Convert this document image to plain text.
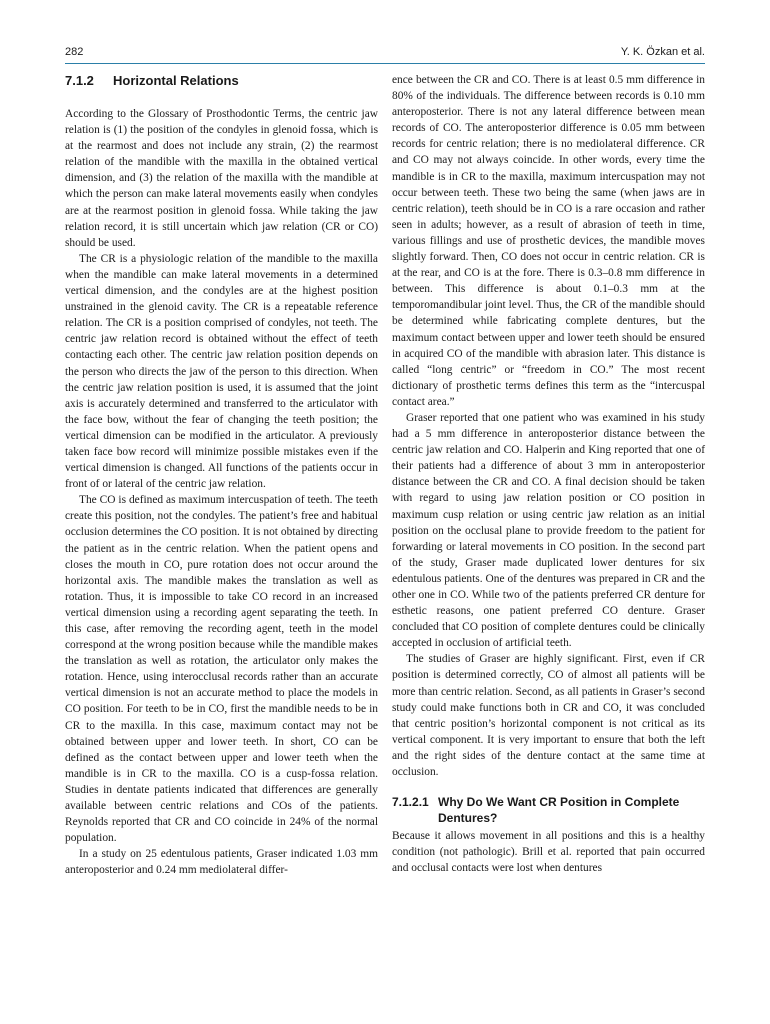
282	Y. K. Özkan et al.
7.1.2 Horizontal Relations

According to the Glossary of Prosthodontic Terms, the centric jaw relation is (1) the position of the condyles in glenoid fossa, which is at the rearmost and does not include any strain, (2) the rearmost relation of the mandible with the maxilla in the obtained vertical dimension, and (3) the relation of the maxilla with the mandible at which the person can make lateral movements easily when condyles are at the rearmost position in glenoid fossa. While taking the jaw relation record, it is still uncertain which jaw relation (CR or CO) should be used.

The CR is a physiologic relation of the mandible to the maxilla when the mandible can make lateral movements in a determined vertical dimension, and the condyles are at the highest position unstrained in the glenoid cavity. The CR is a repeatable reference relation. The CR is a position comprised of condyles, not teeth. The centric jaw relation record is obtained without the effect of teeth contacting each other. The centric jaw relation position depends on the person who directs the jaw of the person to this direction. When the centric jaw relation position is used, it is assumed that the joint axis is accurately determined and transferred to the articulator with the face bow, without the fear of changing the teeth position; the vertical dimension can be modified in the articulator. A previously taken face bow record will minimize possible mistakes even if the vertical dimension is changed. All functions of the patients occur in front of or lateral of the centric jaw relation.

The CO is defined as maximum intercuspation of teeth. The teeth create this position, not the condyles. The patient’s free and habitual occlusion determines the CO position. It is not obtained by directing the patient as in the centric relation. When the patient opens and closes the mouth in CO, pure rotation does not occur around the horizontal axis. The mandible makes the translation as well as rotation. Thus, it is impossible to take CO record in an increased vertical dimension using a recording agent separating the teeth. In this case, after removing the recording agent, teeth in the model correspond at the wrong position because while the mandible makes the translation as well as rotation, the articulator only makes the rotation. Hence, using interocclusal records rather than an accurate vertical dimension is not an accurate method to place the models in CO position. For teeth to be in CO, first the mandible needs to be in CR to the maxilla. In this case, maximum contact may not be obtained between upper and lower teeth. In short, CO can be defined as the contact between upper and lower teeth when the mandible is in CR to the maxilla. CO is a cusp-fossa relation. Studies in dentate patients indicated that differences are generally available between centric relations and COs of the patients. Reynolds reported that CR and CO coincide in 24% of the normal population.

In a study on 25 edentulous patients, Graser indicated 1.03 mm anteroposterior and 0.24 mm mediolateral differ-

ence between the CR and CO. There is at least 0.5 mm difference in 80% of the individuals. The difference between records is 0.10 mm anteroposterior. There is not any lateral difference between mean records of CO. The anteroposterior difference is 0.05 mm between records for centric relation; there is no mediolateral difference. CR and CO may not always coincide. In other words, every time the mandible is in CR to the maxilla, maximum intercuspation may not occur between teeth. These two being the same (when jaws are in centric relation), teeth should be in CO is a rare occasion and rather seen in adults; however, as a result of abrasion of teeth in time, various fillings and use of prosthetic devices, the mandible moves slightly forward. Then, CO does not occur in centric relation. CR is at the rear, and CO is at the fore. There is 0.3–0.8 mm difference in between. This difference is about 0.1–0.3 mm at the temporomandibular joint level. Thus, the CR of the mandible should be determined while fabricating complete dentures, but the maximum contact between upper and lower teeth should be ensured in acquired CO of the mandible with abrasion later. This distance is called “long centric” or “freedom in CO.” The most recent dictionary of prosthetic terms defines this term as the “intercuspal contact area.”

Graser reported that one patient who was examined in his study had a 5 mm difference in anteroposterior distance between the centric jaw relation and CO. Halperin and King reported that one of their patients had a difference of about 3 mm in anteroposterior distance between the CR and CO. A final decision should be taken with regard to using jaw relation position or CO position in maximum cusp relation or using centric jaw relation as an initial position on the occlusal plane to provide freedom to the patient for forwarding or lateral movements in CO position. In the second part of the study, Graser made duplicated lower dentures for six edentulous patients. One of the dentures was prepared in CR and the other one in CO. While two of the patients preferred CR denture for esthetic reasons, one patient preferred CO denture. Graser concluded that CO position of complete dentures could be clinically accepted in occlusion of artificial teeth.

The studies of Graser are highly significant. First, even if CR position is determined correctly, CO of almost all patients will be more than centric relation. Second, as all patients in Graser’s second study could make functions both in CR and CO, it was concluded that centric position’s horizontal component is not critical as its vertical component. It is very important to ensure that both the left and the right sides of the denture contact at the same time at occlusion.

7.1.2.1 Why Do We Want CR Position in Complete Dentures?

Because it allows movement in all positions and this is a healthy condition (not pathologic). Brill et al. reported that pain occurred and occlusal contacts were lost when dentures
